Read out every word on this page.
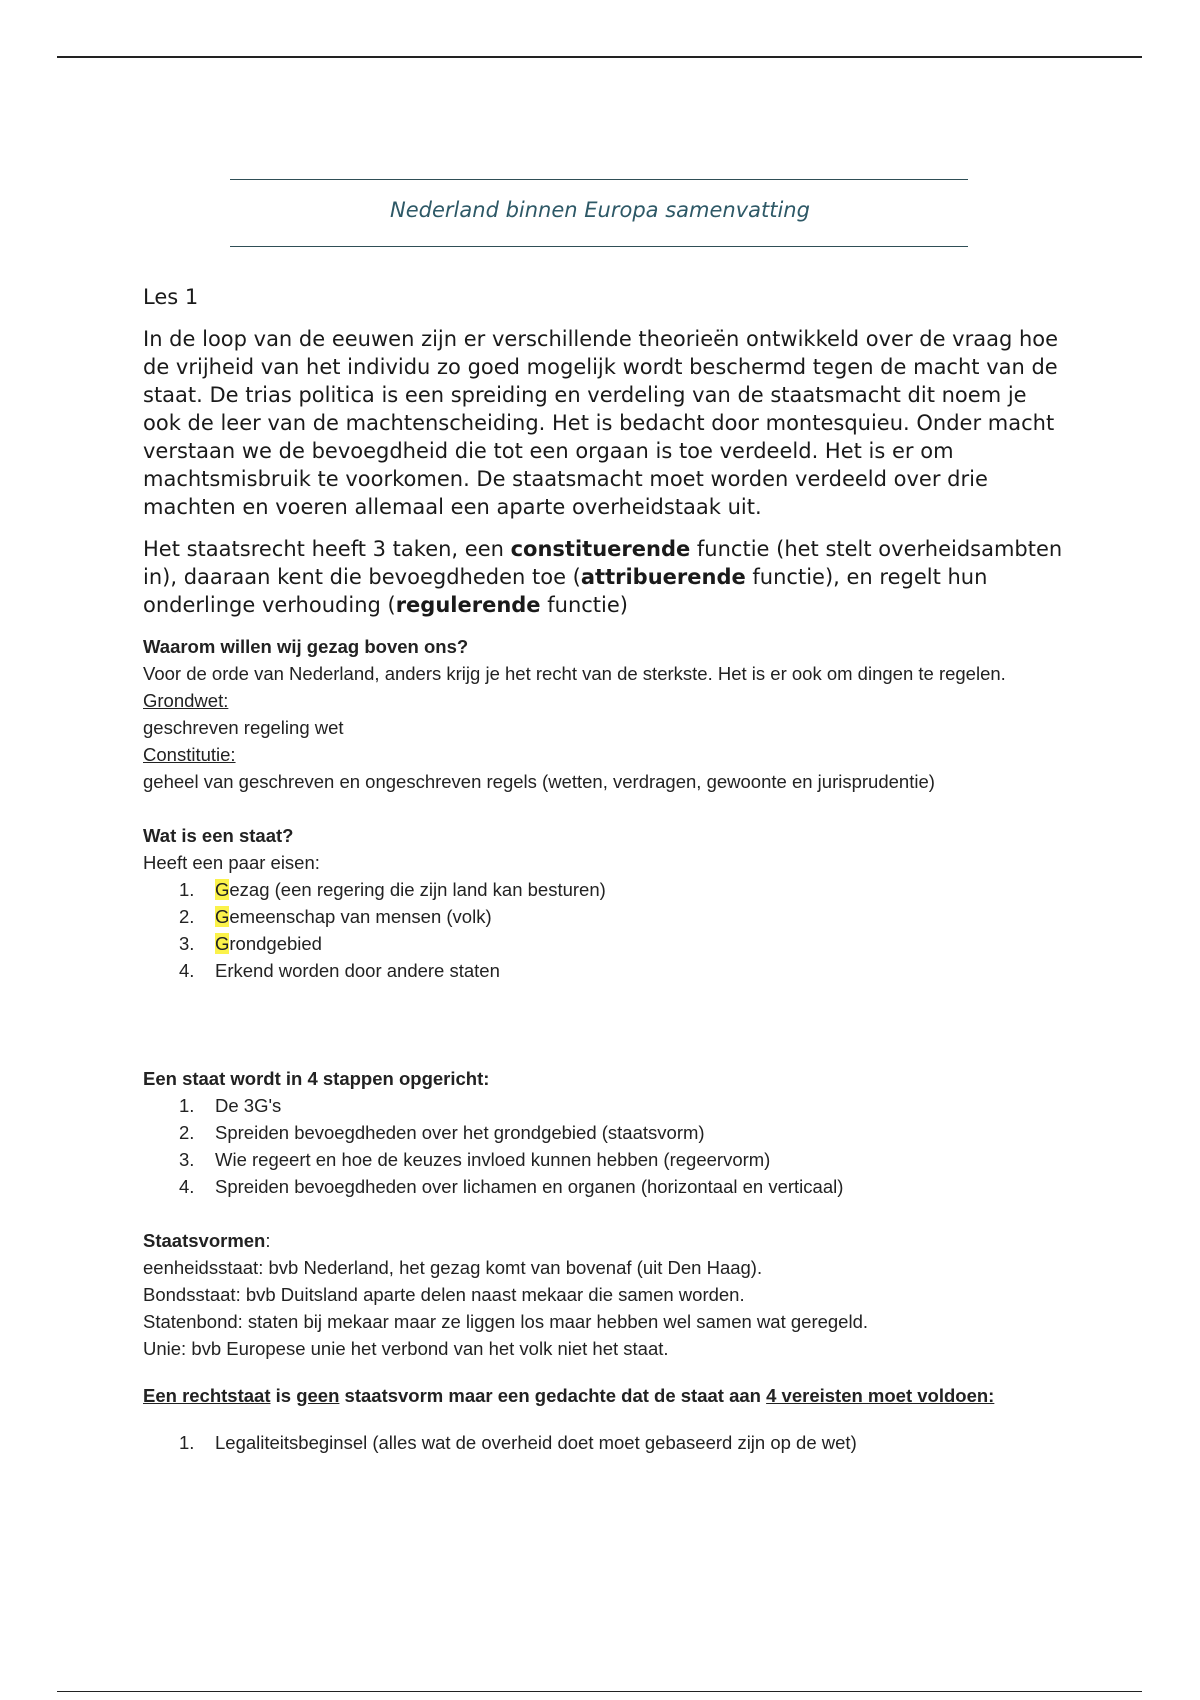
Nederland binnen Europa samenvatting
Les 1

In de loop van de eeuwen zijn er verschillende theorieën ontwikkeld over de vraag hoe de vrijheid van het individu zo goed mogelijk wordt beschermd tegen de macht van de staat. De trias politica is een spreiding en verdeling van de staatsmacht dit noem je ook de leer van de machtenscheiding. Het is bedacht door montesquieu. Onder macht verstaan we de bevoegdheid die tot een orgaan is toe verdeeld. Het is er om machtsmisbruik te voorkomen. De staatsmacht moet worden verdeeld over drie machten en voeren allemaal een aparte overheidstaak uit.

Het staatsrecht heeft 3 taken, een constituerende functie (het stelt overheidsambten in), daaraan kent die bevoegdheden toe (attribuerende functie), en regelt hun onderlinge verhouding (regulerende functie)

Waarom willen wij gezag boven ons?

Voor de orde van Nederland, anders krijg je het recht van de sterkste. Het is er ook om dingen te regelen.

Grondwet:

geschreven regeling wet

Constitutie:

geheel van geschreven en ongeschreven regels (wetten, verdragen, gewoonte en jurisprudentie)

Wat is een staat?

Heeft een paar eisen:

1.	Gezag (een regering die zijn land kan besturen)
2.	Gemeenschap van mensen (volk)
3.	Grondgebied
4.	Erkend worden door andere staten

Een staat wordt in 4 stappen opgericht:

1.	De 3G's
2.	Spreiden bevoegdheden over het grondgebied (staatsvorm)
3.	Wie regeert en hoe de keuzes invloed kunnen hebben (regeervorm)
4.	Spreiden bevoegdheden over lichamen en organen (horizontaal en verticaal)

Staatsvormen:

eenheidsstaat: bvb Nederland, het gezag komt van bovenaf (uit Den Haag).

Bondsstaat: bvb Duitsland aparte delen naast mekaar die samen worden.

Statenbond: staten bij mekaar maar ze liggen los maar hebben wel samen wat geregeld.

Unie: bvb Europese unie het verbond van het volk niet het staat.

Een rechtstaat is geen staatsvorm maar een gedachte dat de staat aan 4 vereisten moet voldoen:

1.	Legaliteitsbeginsel (alles wat de overheid doet moet gebaseerd zijn op de wet)
